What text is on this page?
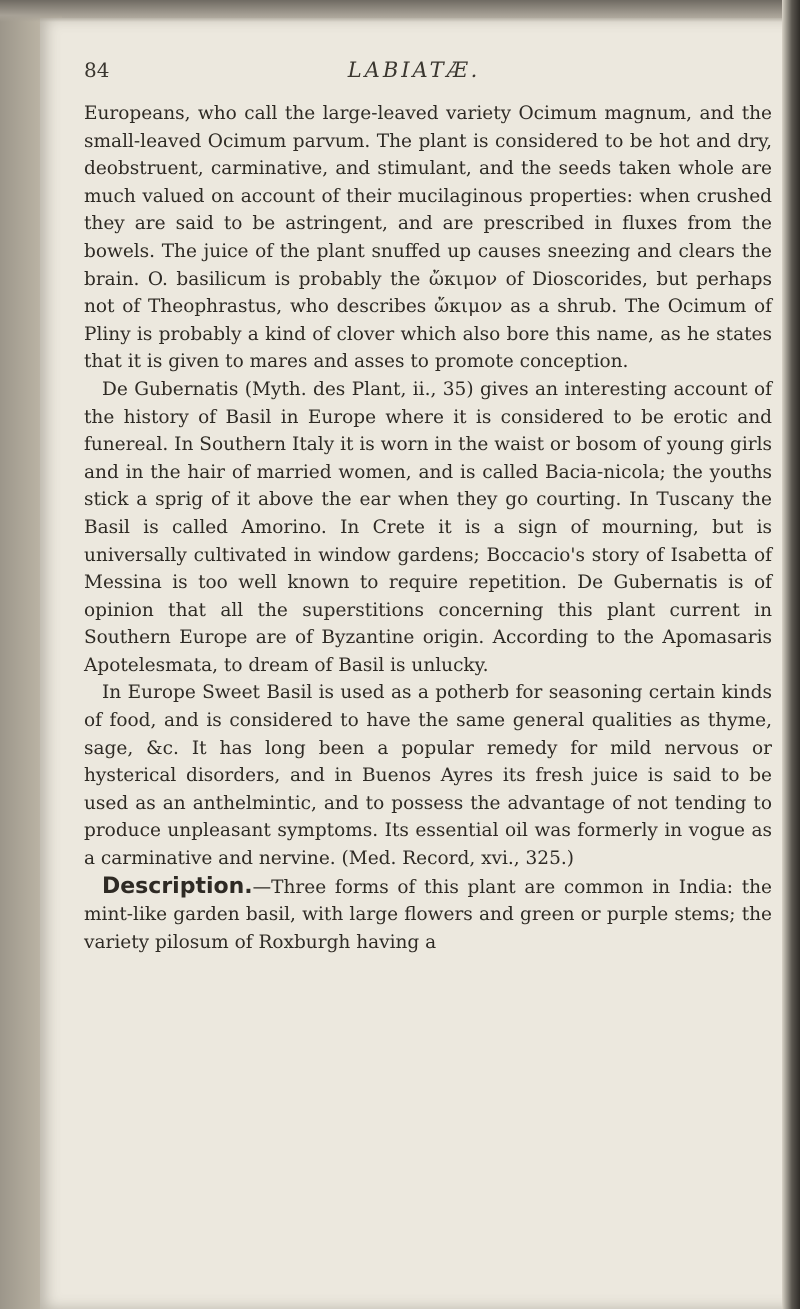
84	LABIATÆ.

Europeans, who call the large-leaved variety Ocimum magnum, and the small-leaved Ocimum parvum. The plant is considered to be hot and dry, deobstruent, carminative, and stimulant, and the seeds taken whole are much valued on account of their mucilaginous properties: when crushed they are said to be astringent, and are prescribed in fluxes from the bowels. The juice of the plant snuffed up causes sneezing and clears the brain. O. basilicum is probably the ὤκιμον of Dioscorides, but perhaps not of Theophrastus, who describes ὤκιμον as a shrub. The Ocimum of Pliny is probably a kind of clover which also bore this name, as he states that it is given to mares and asses to promote conception.

De Gubernatis (Myth. des Plant, ii., 35) gives an interesting account of the history of Basil in Europe where it is considered to be erotic and funereal. In Southern Italy it is worn in the waist or bosom of young girls and in the hair of married women, and is called Bacia-nicola; the youths stick a sprig of it above the ear when they go courting. In Tuscany the Basil is called Amorino. In Crete it is a sign of mourning, but is universally cultivated in window gardens; Boccacio's story of Isabetta of Messina is too well known to require repetition. De Gubernatis is of opinion that all the superstitions concerning this plant current in Southern Europe are of Byzantine origin. According to the Apomasaris Apotelesmata, to dream of Basil is unlucky.

In Europe Sweet Basil is used as a potherb for seasoning certain kinds of food, and is considered to have the same general qualities as thyme, sage, &c. It has long been a popular remedy for mild nervous or hysterical disorders, and in Buenos Ayres its fresh juice is said to be used as an anthelmintic, and to possess the advantage of not tending to produce unpleasant symptoms. Its essential oil was formerly in vogue as a carminative and nervine. (Med. Record, xvi., 325.)

Description.—Three forms of this plant are common in India: the mint-like garden basil, with large flowers and green or purple stems; the variety pilosum of Roxburgh having a
